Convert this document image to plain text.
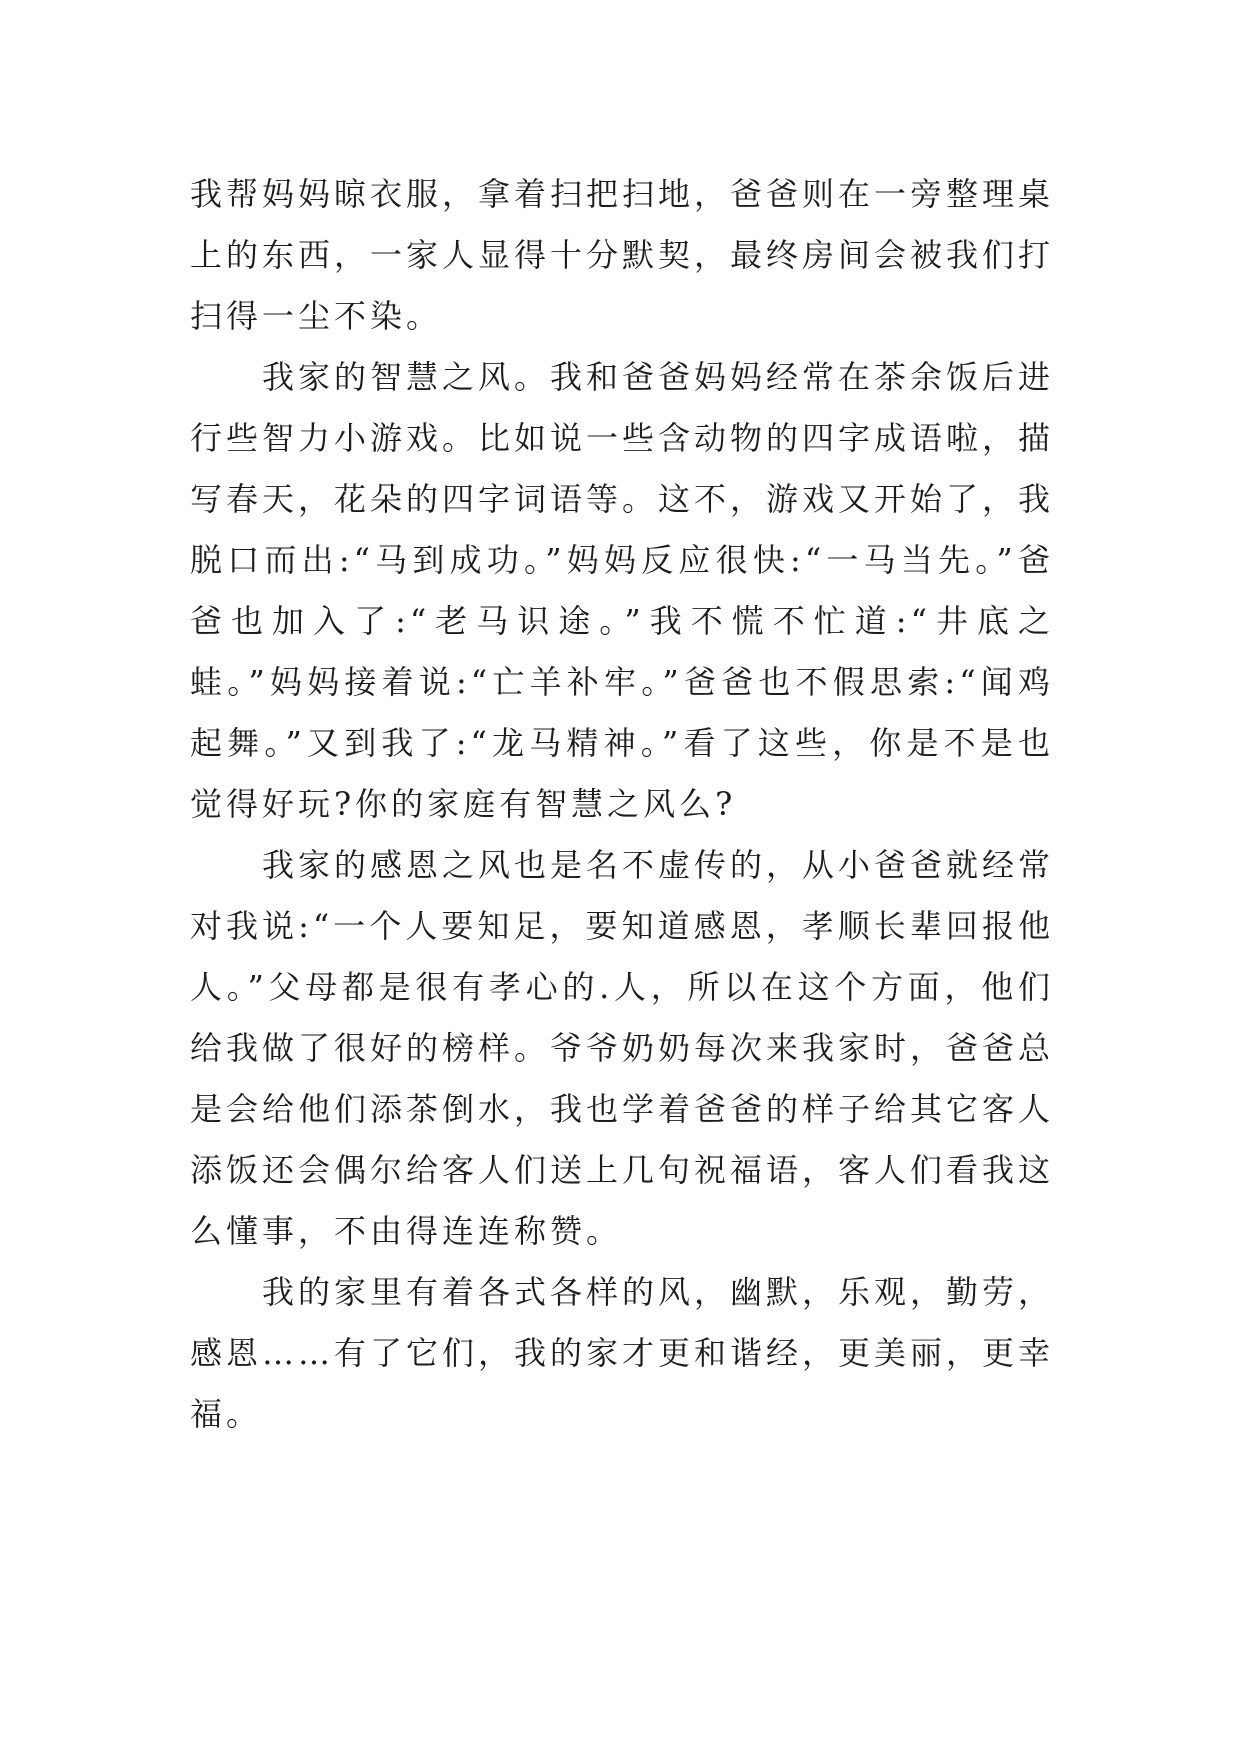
我帮妈妈晾衣服，拿着扫把扫地，爸爸则在一旁整理桌上的东西，一家人显得十分默契，最终房间会被我们打扫得一尘不染。

我家的智慧之风。我和爸爸妈妈经常在茶余饭后进行些智力小游戏。比如说一些含动物的四字成语啦，描写春天，花朵的四字词语等。这不，游戏又开始了，我脱口而出:“马到成功。”妈妈反应很快:“一马当先。”爸爸也加入了:“老马识途。”我不慌不忙道:“井底之蛙。”妈妈接着说:“亡羊补牢。”爸爸也不假思索:“闻鸡起舞。”又到我了:“龙马精神。”看了这些，你是不是也觉得好玩?你的家庭有智慧之风么?

我家的感恩之风也是名不虚传的，从小爸爸就经常对我说:“一个人要知足，要知道感恩，孝顺长辈回报他人。”父母都是很有孝心的.人，所以在这个方面，他们给我做了很好的榜样。爷爷奶奶每次来我家时，爸爸总是会给他们添茶倒水，我也学着爸爸的样子给其它客人添饭还会偶尔给客人们送上几句祝福语，客人们看我这么懂事，不由得连连称赞。

我的家里有着各式各样的风，幽默，乐观，勤劳，感恩……有了它们，我的家才更和谐经，更美丽，更幸福。
